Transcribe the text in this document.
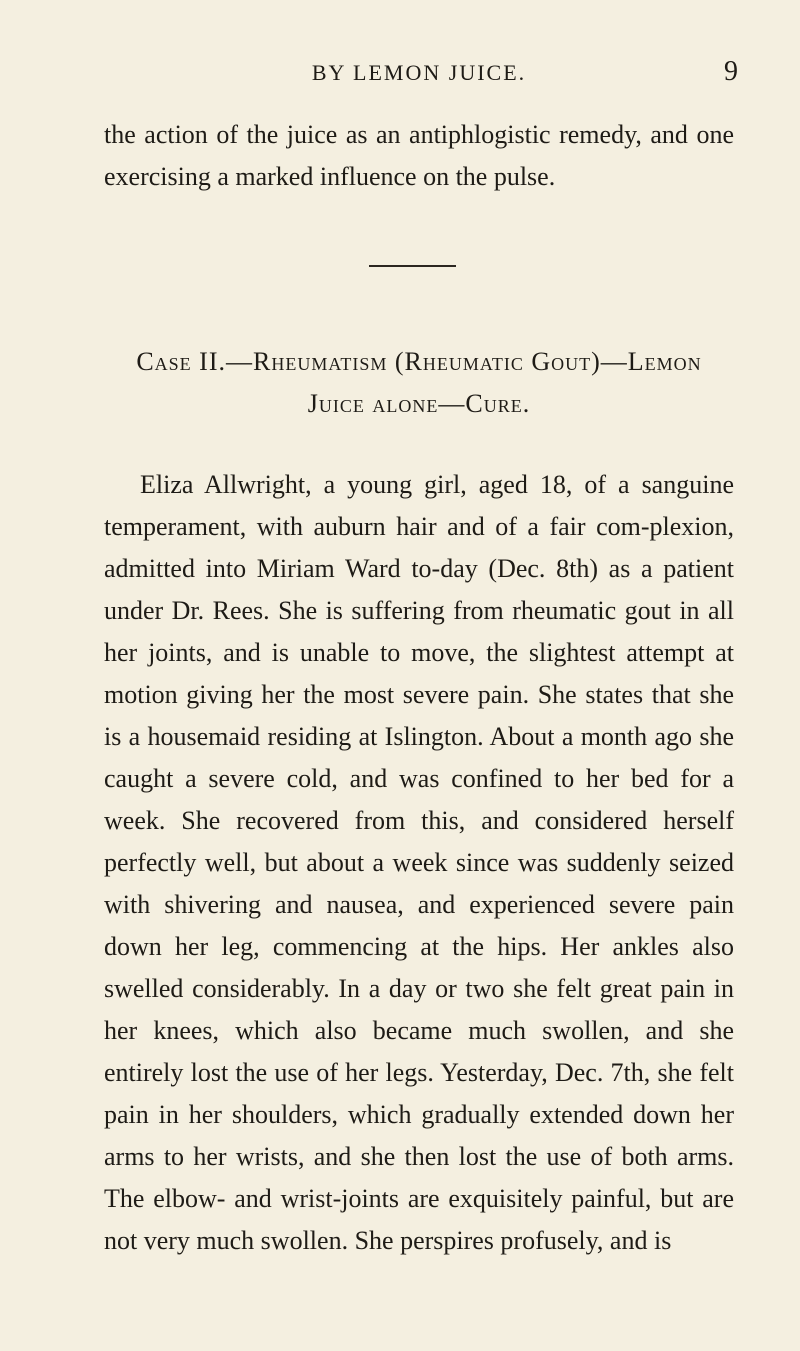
BY LEMON JUICE.	9

the action of the juice as an antiphlogistic remedy, and one exercising a marked influence on the pulse.

Case II.—Rheumatism (Rheumatic Gout)—Lemon
Juice alone—Cure.

Eliza Allwright, a young girl, aged 18, of a sanguine temperament, with auburn hair and of a fair com-plexion, admitted into Miriam Ward to-day (Dec. 8th) as a patient under Dr. Rees. She is suffering from rheumatic gout in all her joints, and is unable to move, the slightest attempt at motion giving her the most severe pain. She states that she is a housemaid residing at Islington. About a month ago she caught a severe cold, and was confined to her bed for a week. She recovered from this, and considered herself perfectly well, but about a week since was suddenly seized with shivering and nausea, and experienced severe pain down her leg, commencing at the hips. Her ankles also swelled considerably. In a day or two she felt great pain in her knees, which also became much swollen, and she entirely lost the use of her legs. Yesterday, Dec. 7th, she felt pain in her shoulders, which gradually extended down her arms to her wrists, and she then lost the use of both arms. The elbow- and wrist-joints are exquisitely painful, but are not very much swollen. She perspires profusely, and is
